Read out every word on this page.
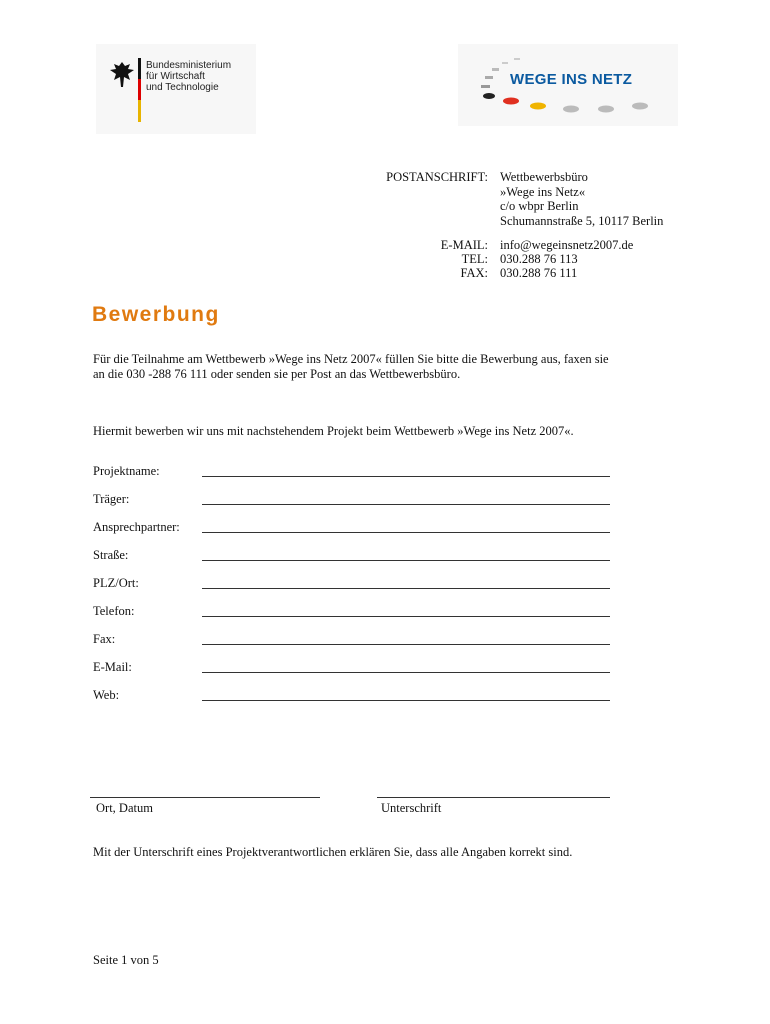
Bundesministerium
für Wirtschaft
und Technologie	WEGE INS NETZ
POSTANSCHRIFT: Wettbewerbsbüro
»Wege ins Netz«
c/o wbpr Berlin
Schumannstraße 5, 10117 Berlin
E-MAIL: info@wegeinsnetz2007.de
TEL: 030.288 76 113
FAX: 030.288 76 111
Bewerbung
Für die Teilnahme am Wettbewerb »Wege ins Netz 2007« füllen Sie bitte die Bewerbung aus, faxen sie
an die 030 -288 76 111 oder senden sie per Post an das Wettbewerbsbüro.
Hiermit bewerben wir uns mit nachstehendem Projekt beim Wettbewerb »Wege ins Netz 2007«.
Projektname:
Träger:
Ansprechpartner:
Straße:
PLZ/Ort:
Telefon:
Fax:
E-Mail:
Web:
Ort, Datum	Unterschrift
Mit der Unterschrift eines Projektverantwortlichen erklären Sie, dass alle Angaben korrekt sind.
Seite 1 von 5
